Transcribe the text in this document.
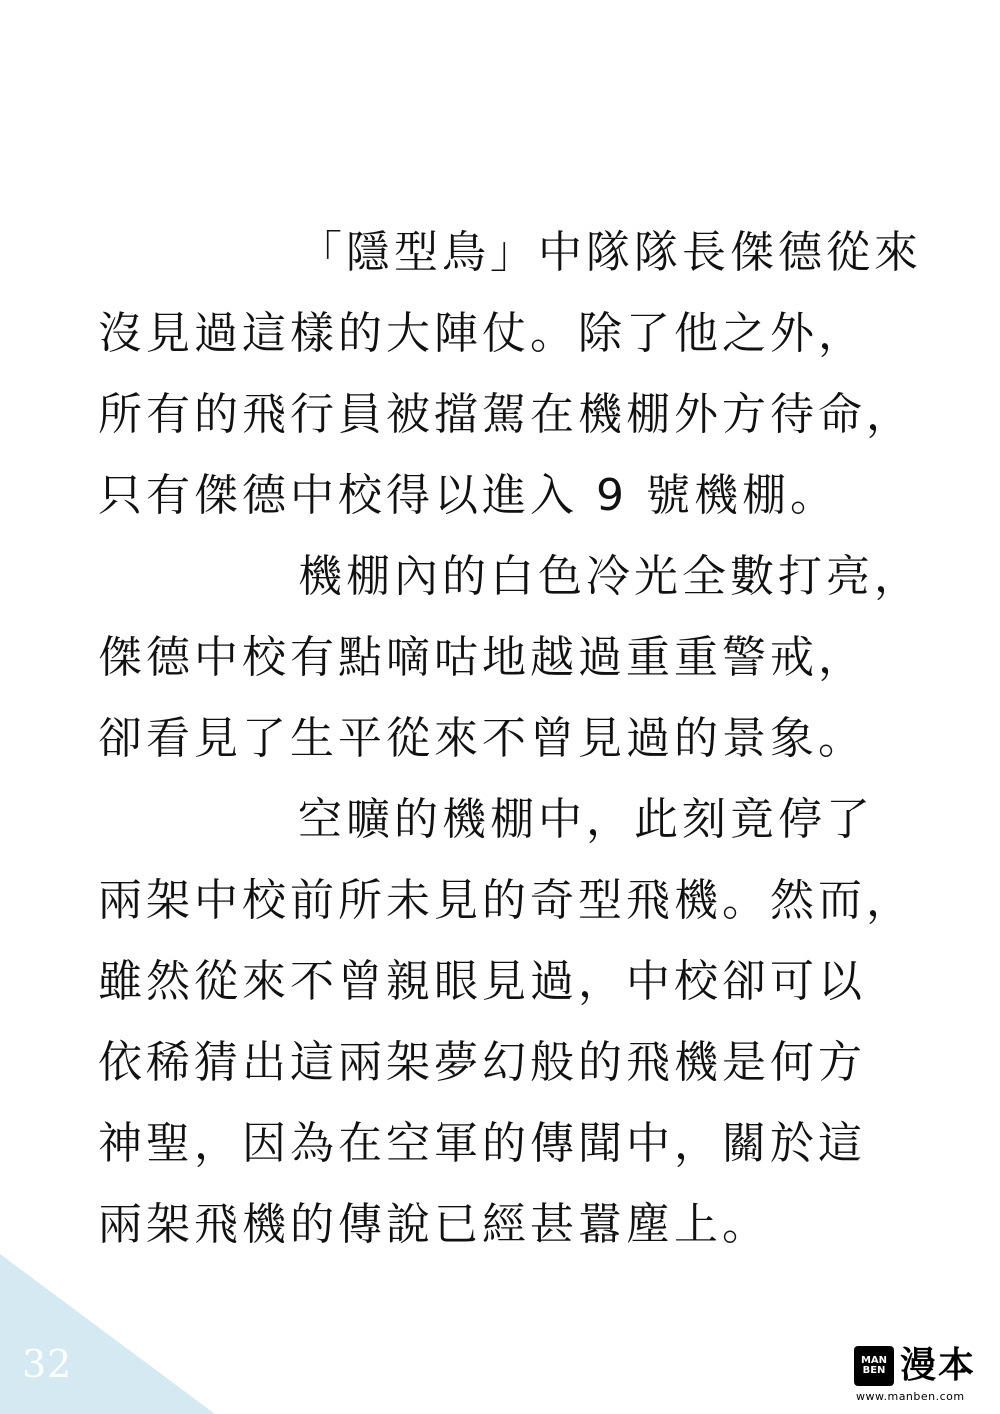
32
「隱型鳥」中隊隊長傑德從來
沒見過這樣的大陣仗。除了他之外，
所有的飛行員被擋駕在機棚外方待命，
只有傑德中校得以進入 9 號機棚。
機棚內的白色冷光全數打亮，
傑德中校有點嘀咕地越過重重警戒，
卻看見了生平從來不曾見過的景象。
空曠的機棚中，此刻竟停了
兩架中校前所未見的奇型飛機。然而，
雖然從來不曾親眼見過，中校卻可以
依稀猜出這兩架夢幻般的飛機是何方
神聖，因為在空軍的傳聞中，關於這
兩架飛機的傳說已經甚囂塵上。
MAN
BEN 漫本
www.manben.com
